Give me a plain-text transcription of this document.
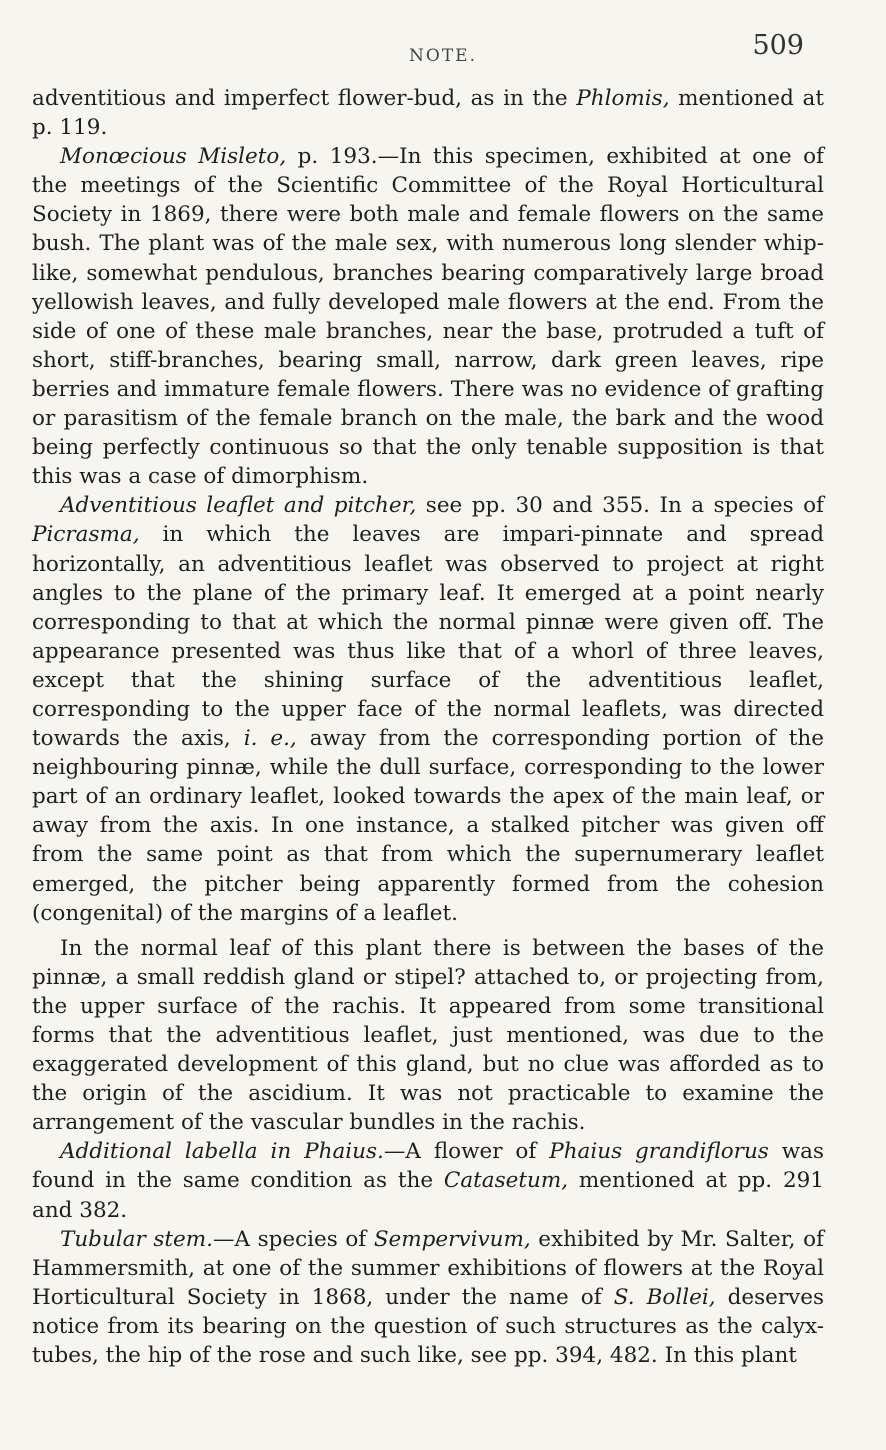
NOTE.	509

adventitious and imperfect flower-bud, as in the Phlomis, mentioned at p. 119.

Monœcious Misleto, p. 193.—In this specimen, exhibited at one of the meetings of the Scientific Committee of the Royal Horticultural Society in 1869, there were both male and female flowers on the same bush. The plant was of the male sex, with numerous long slender whip-like, somewhat pendulous, branches bearing comparatively large broad yellowish leaves, and fully developed male flowers at the end. From the side of one of these male branches, near the base, protruded a tuft of short, stiff-branches, bearing small, narrow, dark green leaves, ripe berries and immature female flowers. There was no evidence of grafting or parasitism of the female branch on the male, the bark and the wood being perfectly continuous so that the only tenable supposition is that this was a case of dimorphism.

Adventitious leaflet and pitcher, see pp. 30 and 355. In a species of Picrasma, in which the leaves are impari-pinnate and spread horizontally, an adventitious leaflet was observed to project at right angles to the plane of the primary leaf. It emerged at a point nearly corresponding to that at which the normal pinnæ were given off. The appearance presented was thus like that of a whorl of three leaves, except that the shining surface of the adventitious leaflet, corresponding to the upper face of the normal leaflets, was directed towards the axis, i. e., away from the corresponding portion of the neighbouring pinnæ, while the dull surface, corresponding to the lower part of an ordinary leaflet, looked towards the apex of the main leaf, or away from the axis. In one instance, a stalked pitcher was given off from the same point as that from which the supernumerary leaflet emerged, the pitcher being apparently formed from the cohesion (congenital) of the margins of a leaflet.

In the normal leaf of this plant there is between the bases of the pinnæ, a small reddish gland or stipel? attached to, or projecting from, the upper surface of the rachis. It appeared from some transitional forms that the adventitious leaflet, just mentioned, was due to the exaggerated development of this gland, but no clue was afforded as to the origin of the ascidium. It was not practicable to examine the arrangement of the vascular bundles in the rachis.

Additional labella in Phaius.—A flower of Phaius grandiflorus was found in the same condition as the Catasetum, mentioned at pp. 291 and 382.

Tubular stem.—A species of Sempervivum, exhibited by Mr. Salter, of Hammersmith, at one of the summer exhibitions of flowers at the Royal Horticultural Society in 1868, under the name of S. Bollei, deserves notice from its bearing on the question of such structures as the calyx-tubes, the hip of the rose and such like, see pp. 394, 482. In this plant
